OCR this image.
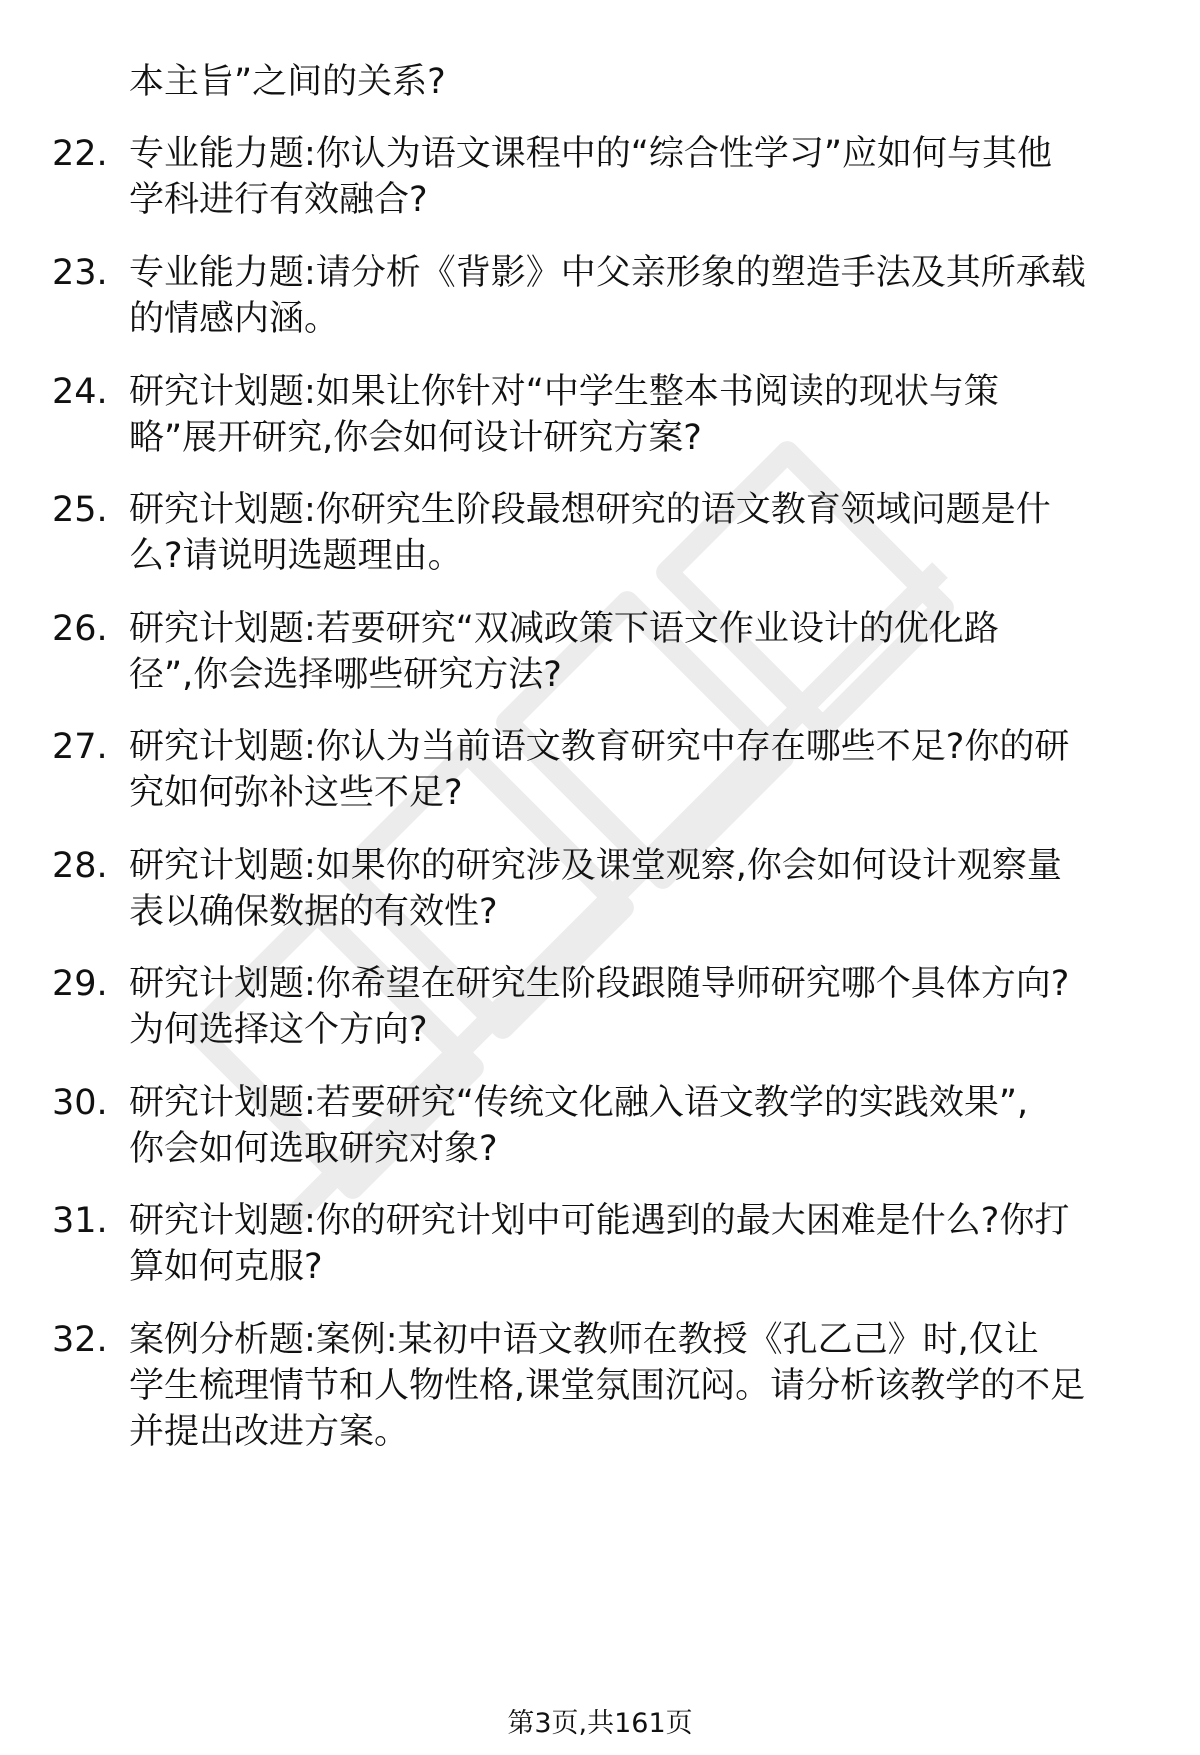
本主旨”之间的关系?
22. 专业能力题:你认为语文课程中的“综合性学习”应如何与其他
学科进行有效融合?
23. 专业能力题:请分析《背影》中父亲形象的塑造手法及其所承载
的情感内涵。
24. 研究计划题:如果让你针对“中学生整本书阅读的现状与策
略”展开研究,你会如何设计研究方案?
25. 研究计划题:你研究生阶段最想研究的语文教育领域问题是什
么?请说明选题理由。
26. 研究计划题:若要研究“双减政策下语文作业设计的优化路
径”,你会选择哪些研究方法?
27. 研究计划题:你认为当前语文教育研究中存在哪些不足?你的研
究如何弥补这些不足?
28. 研究计划题:如果你的研究涉及课堂观察,你会如何设计观察量
表以确保数据的有效性?
29. 研究计划题:你希望在研究生阶段跟随导师研究哪个具体方向?
为何选择这个方向?
30. 研究计划题:若要研究“传统文化融入语文教学的实践效果”,
你会如何选取研究对象?
31. 研究计划题:你的研究计划中可能遇到的最大困难是什么?你打
算如何克服?
32. 案例分析题:案例:某初中语文教师在教授《孔乙己》时,仅让
学生梳理情节和人物性格,课堂氛围沉闷。请分析该教学的不足
并提出改进方案。
第3页,共161页
